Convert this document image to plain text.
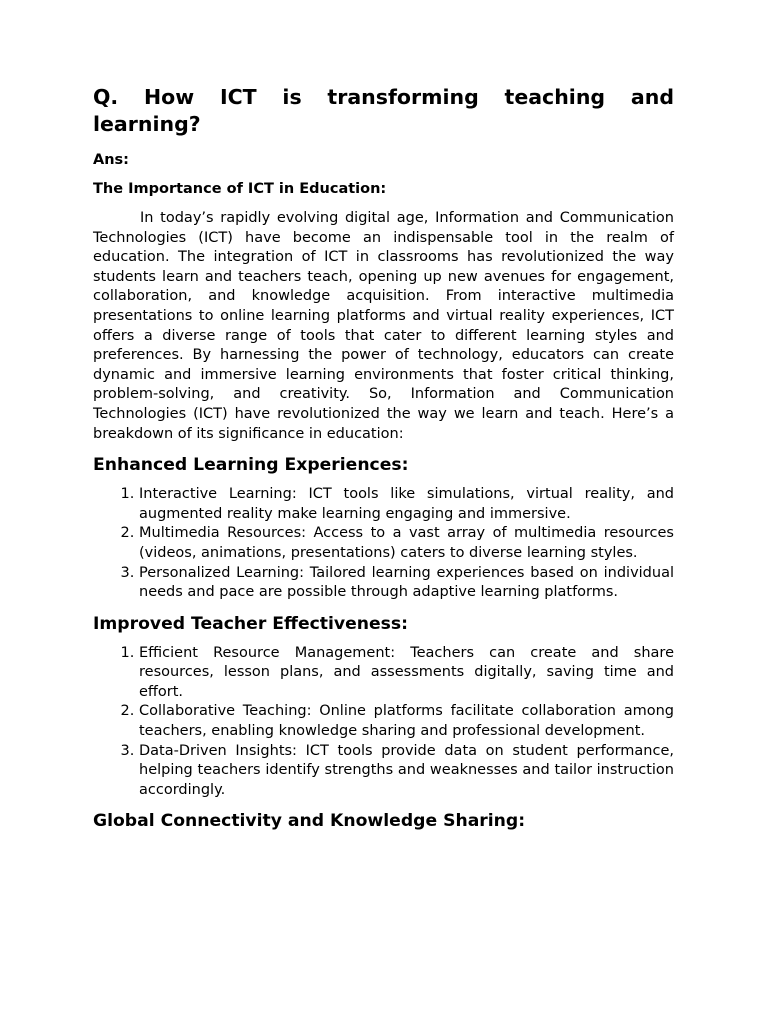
Q. How ICT is transforming teaching and learning?

Ans:

The Importance of ICT in Education:

In today’s rapidly evolving digital age, Information and Communication Technologies (ICT) have become an indispensable tool in the realm of education. The integration of ICT in classrooms has revolutionized the way students learn and teachers teach, opening up new avenues for engagement, collaboration, and knowledge acquisition. From interactive multimedia presentations to online learning platforms and virtual reality experiences, ICT offers a diverse range of tools that cater to different learning styles and preferences. By harnessing the power of technology, educators can create dynamic and immersive learning environments that foster critical thinking, problem-solving, and creativity. So, Information and Communication Technologies (ICT) have revolutionized the way we learn and teach. Here’s a breakdown of its significance in education:

Enhanced Learning Experiences:
1. Interactive Learning: ICT tools like simulations, virtual reality, and augmented reality make learning engaging and immersive.
2. Multimedia Resources: Access to a vast array of multimedia resources (videos, animations, presentations) caters to diverse learning styles.
3. Personalized Learning: Tailored learning experiences based on individual needs and pace are possible through adaptive learning platforms.
Improved Teacher Effectiveness:
1. Efficient Resource Management: Teachers can create and share resources, lesson plans, and assessments digitally, saving time and effort.
2. Collaborative Teaching: Online platforms facilitate collaboration among teachers, enabling knowledge sharing and professional development.
3. Data-Driven Insights: ICT tools provide data on student performance, helping teachers identify strengths and weaknesses and tailor instruction accordingly.
Global Connectivity and Knowledge Sharing:
